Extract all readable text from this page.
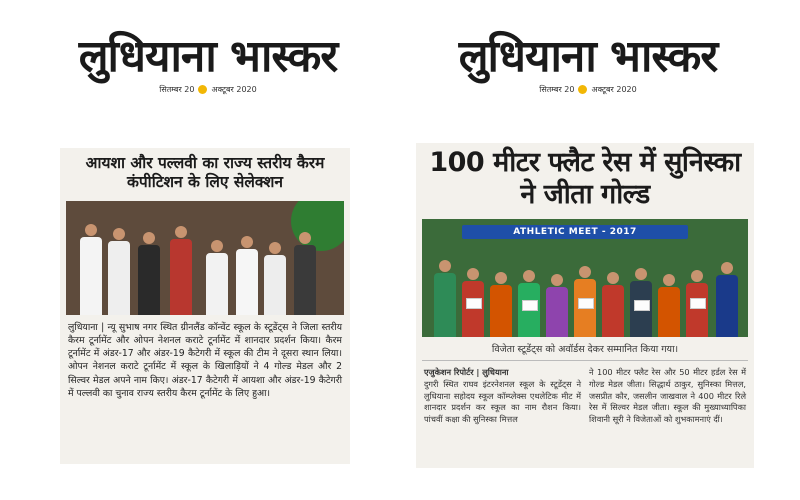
लुधियाना भास्कर
सितम्बर 20 अक्टूबर 2020
लुधियाना भास्कर
सितम्बर 20 अक्टूबर 2020
आयशा और पल्लवी का राज्य स्तरीय कैरम कंपीटिशन के लिए सेलेक्शन
लुधियाना | न्यू सुभाष नगर स्थित ग्रीनलैंड कॉन्वेंट स्कूल के स्टूडेंट्स ने जिला स्तरीय कैरम टूर्नामेंट और ओपन नेशनल कराटे टूर्नामेंट में शानदार प्रदर्शन किया। कैरम टूर्नामेंट में अंडर-17 और अंडर-19 कैटेगरी में स्कूल की टीम ने दूसरा स्थान लिया। ओपन नेशनल कराटे टूर्नामेंट में स्कूल के खिलाड़ियों ने 4 गोल्ड मेडल और 2 सिल्वर मेडल अपने नाम किए। अंडर-17 कैटेगरी में आयशा और अंडर-19 कैटेगरी में पल्लवी का चुनाव राज्य स्तरीय कैरम टूर्नामेंट के लिए हुआ।
100 मीटर फ्लैट रेस में सुनिस्का ने जीता गोल्ड
ATHLETIC MEET - 2017
विजेता स्टूडेंट्स को अवॉर्डस देकर सम्मानित किया गया।
एजुकेशन रिपोर्टर | लुधियाना
दुगरी स्थित राघव इंटरनेशनल स्कूल के स्टूडेंट्स ने लुधियाना सहोदय स्कूल कॉम्प्लेक्स एथलेटिक मीट में शानदार प्रदर्शन कर स्कूल का नाम रौशन किया। पांचवीं कक्षा की सुनिस्का मित्तल
ने 100 मीटर फ्लैट रेस और 50 मीटर हर्डल रेस में गोल्ड मेडल जीता। सिद्धार्थ ठाकुर, सुनिस्का मित्तल, जसप्रीत कौर, जसलीन जाखवाल ने 400 मीटर रिले रेस में सिल्वर मेडल जीता। स्कूल की मुख्याध्यापिका शिवानी सूरी ने विजेताओं को शुभकामनाएं दीं।
